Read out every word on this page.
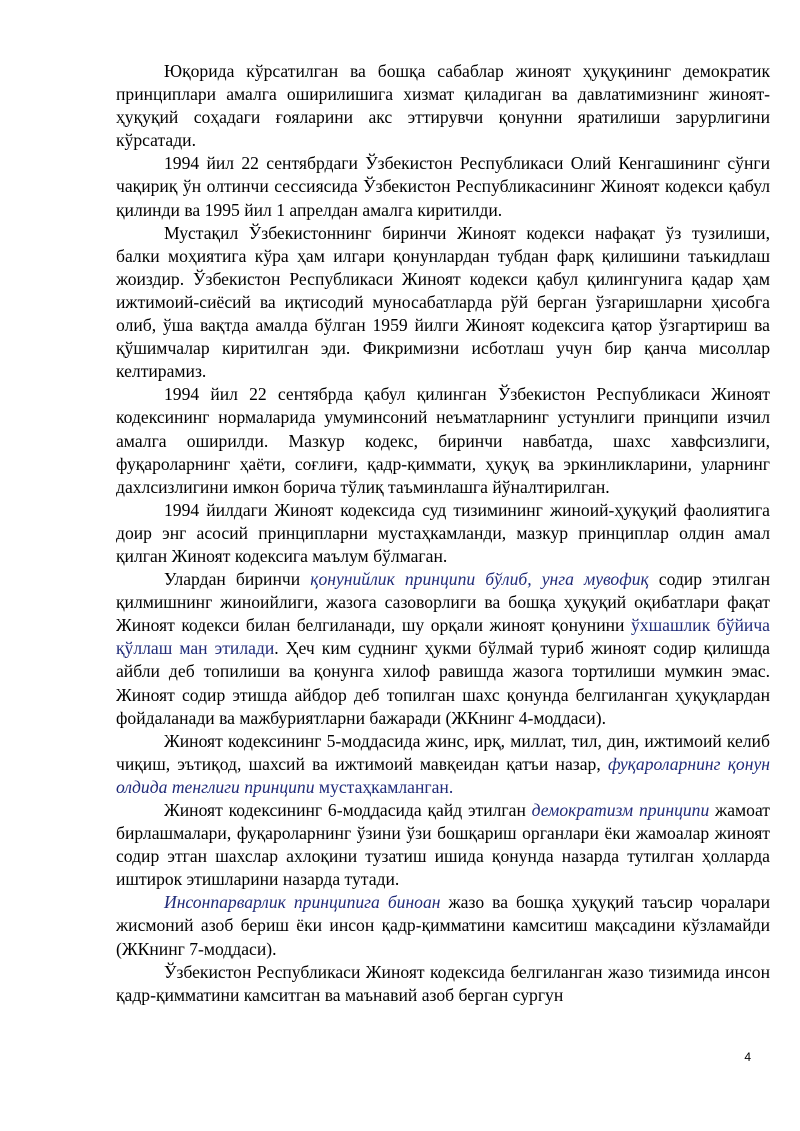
Юқорида кўрсатилган ва бошқа сабаблар жиноят ҳуқуқининг демократик принциплари амалга оширилишига хизмат қиладиган ва давлатимизнинг жиноят-ҳуқуқий соҳадаги ғояларини акс эттирувчи қонунни яратилиши зарурлигини кўрсатади.

1994 йил 22 сентябрдаги Ўзбекистон Республикаси Олий Кенгашининг сўнги чақириқ ўн олтинчи сессиясида Ўзбекистон Республикасининг Жиноят кодекси қабул қилинди ва 1995 йил 1 апрелдан амалга киритилди.

Мустақил Ўзбекистоннинг биринчи Жиноят кодекси нафақат ўз тузилиши, балки моҳиятига кўра ҳам илгари қонунлардан тубдан фарқ қилишини таъкидлаш жоиздир. Ўзбекистон Республикаси Жиноят кодекси қабул қилингунига қадар ҳам ижтимоий-сиёсий ва иқтисодий муносабатларда рўй берган ўзгаришларни ҳисобга олиб, ўша вақтда амалда бўлган 1959 йилги Жиноят кодексига қатор ўзгартириш ва қўшимчалар киритилган эди. Фикримизни исботлаш учун бир қанча мисоллар келтирамиз.

1994 йил 22 сентябрда қабул қилинган Ўзбекистон Республикаси Жиноят кодексининг нормаларида умуминсоний неъматларнинг устунлиги принципи изчил амалга оширилди. Мазкур кодекс, биринчи навбатда, шахс хавфсизлиги, фуқароларнинг ҳаёти, соғлиғи, қадр-қиммати, ҳуқуқ ва эркинликларини, уларнинг дахлсизлигини имкон борича тўлиқ таъминлашга йўналтирилган.

1994 йилдаги Жиноят кодексида суд тизимининг жиноий-ҳуқуқий фаолиятига доир энг асосий принципларни мустаҳкамланди, мазкур принциплар олдин амал қилган Жиноят кодексига маълум бўлмаган.

Улардан биринчи қонунийлик принципи бўлиб, унга мувофиқ содир этилган қилмишнинг жиноийлиги, жазога сазоворлиги ва бошқа ҳуқуқий оқибатлари фақат Жиноят кодекси билан белгиланади, шу орқали жиноят қонунини ўхшашлик бўйича қўллаш ман этилади. Ҳеч ким суднинг ҳукми бўлмай туриб жиноят содир қилишда айбли деб топилиши ва қонунга хилоф равишда жазога тортилиши мумкин эмас. Жиноят содир этишда айбдор деб топилган шахс қонунда белгиланган ҳуқуқлардан фойдаланади ва мажбуриятларни бажаради (ЖКнинг 4-моддаси).

Жиноят кодексининг 5-моддасида жинс, ирқ, миллат, тил, дин, ижтимоий келиб чиқиш, эътиқод, шахсий ва ижтимоий мавқеидан қатъи назар, фуқароларнинг қонун олдида тенглиги принципи мустаҳкамланган.

Жиноят кодексининг 6-моддасида қайд этилган демократизм принципи жамоат бирлашмалари, фуқароларнинг ўзини ўзи бошқариш органлари ёки жамоалар жиноят содир этган шахслар ахлоқини тузатиш ишида қонунда назарда тутилган ҳолларда иштирок этишларини назарда тутади.

Инсонпарварлик принципига биноан жазо ва бошқа ҳуқуқий таъсир чоралари жисмоний азоб бериш ёки инсон қадр-қимматини камситиш мақсадини кўзламайди (ЖКнинг 7-моддаси).

Ўзбекистон Республикаси Жиноят кодексида белгиланган жазо тизимида инсон қадр-қимматини камситган ва маънавий азоб берган сургун

4
